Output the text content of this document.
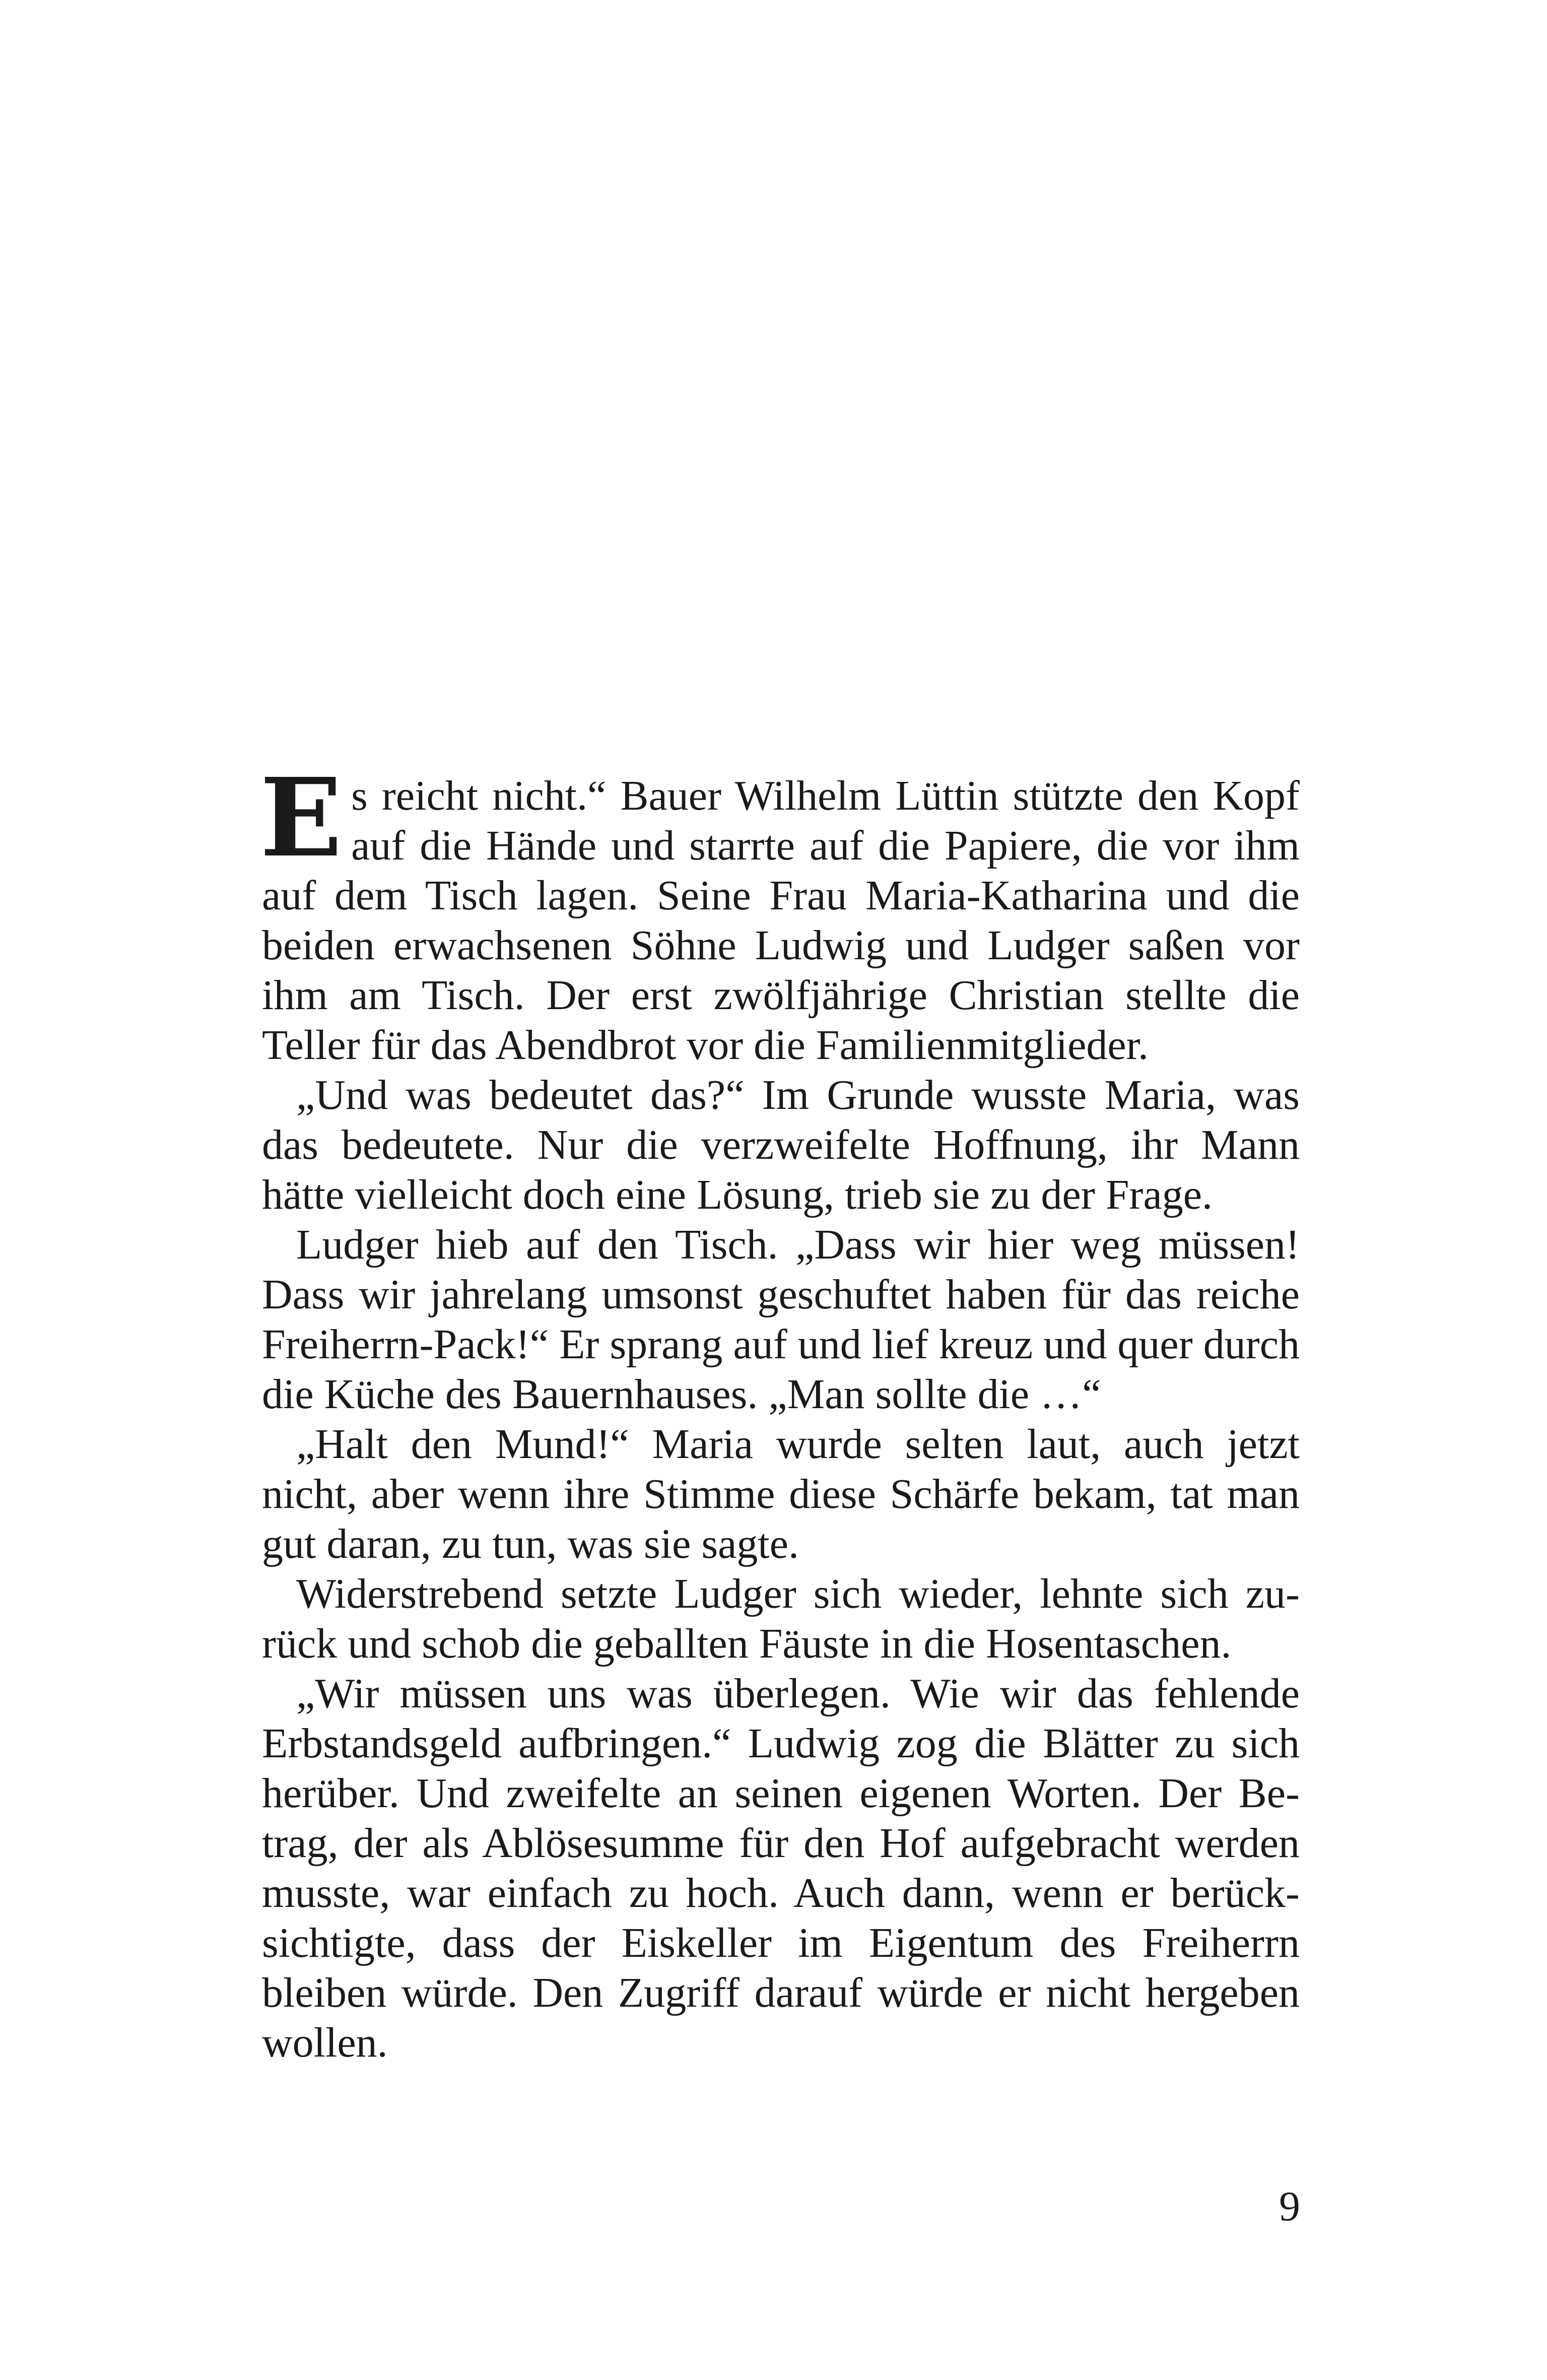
Es reicht nicht.“ Bauer Wilhelm Lüttin stützte den Kopf auf die Hände und starrte auf die Papiere, die vor ihm auf dem Tisch lagen. Seine Frau Maria-Katharina und die beiden erwachsenen Söhne Ludwig und Ludger saßen vor ihm am Tisch. Der erst zwölfjährige Christian stellte die Teller für das Abendbrot vor die Familienmitglieder.

„Und was bedeutet das?“ Im Grunde wusste Maria, was das bedeutete. Nur die verzweifelte Hoffnung, ihr Mann hätte vielleicht doch eine Lösung, trieb sie zu der Frage.

Ludger hieb auf den Tisch. „Dass wir hier weg müssen! Dass wir jahrelang umsonst geschuftet haben für das reiche Freiherrn-Pack!“ Er sprang auf und lief kreuz und quer durch die Küche des Bauernhauses. „Man sollte die …“

„Halt den Mund!“ Maria wurde selten laut, auch jetzt nicht, aber wenn ihre Stimme diese Schärfe bekam, tat man gut daran, zu tun, was sie sagte.

Widerstrebend setzte Ludger sich wieder, lehnte sich zurück und schob die geballten Fäuste in die Hosentaschen.

„Wir müssen uns was überlegen. Wie wir das fehlende Erbstandsgeld aufbringen.“ Ludwig zog die Blätter zu sich herüber. Und zweifelte an seinen eigenen Worten. Der Betrag, der als Ablösesumme für den Hof aufgebracht werden musste, war einfach zu hoch. Auch dann, wenn er berücksichtigte, dass der Eiskeller im Eigentum des Freiherrn bleiben würde. Den Zugriff darauf würde er nicht hergeben wollen.

9
